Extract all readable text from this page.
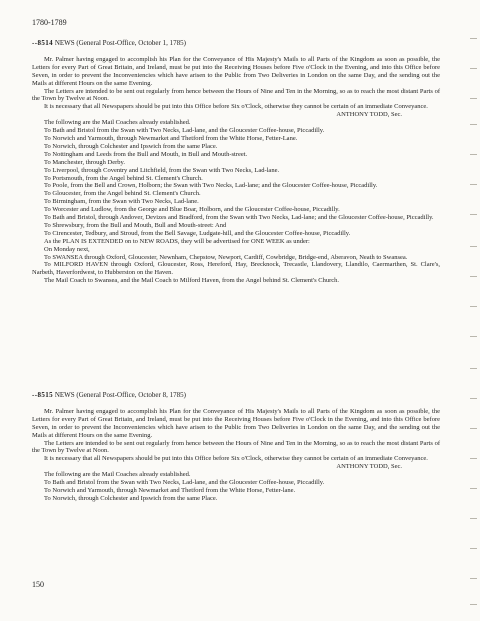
1780-1789
--8514 NEWS (General Post-Office, October 1, 1785)

Mr. Palmer having engaged to accomplish his Plan for the Conveyance of His Majesty's Mails to all Parts of the Kingdom as soon as possible, the Letters for every Part of Great Britain, and Ireland, must be put into the Receiving Houses before Five o'Clock in the Evening, and into this Office before Seven, in order to prevent the Inconveniencies which have arisen to the Public from Two Deliveries in London on the same Day, and the sending out the Mails at different Hours on the same Evening.

The Letters are intended to be sent out regularly from hence between the Hours of Nine and Ten in the Morning, so as to reach the most distant Parts of the Town by Twelve at Noon.

It is necessary that all Newspapers should be put into this Office before Six o'Clock, otherwise they cannot be certain of an immediate Conveyance.

ANTHONY TODD, Sec.

The following are the Mail Coaches already established.

To Bath and Bristol from the Swan with Two Necks, Lad-lane, and the Gloucester Coffee-house, Piccadilly.

To Norwich and Yarmouth, through Newmarket and Thetford from the White Horse, Fetter-Lane.

To Norwich, through Colchester and Ipswich from the same Place.

To Nottingham and Leeds from the Bull and Mouth, in Bull and Mouth-street.

To Manchester, through Derby.

To Liverpool, through Coventry and Litchfield, from the Swan with Two Necks, Lad-lane.

To Portsmouth, from the Angel behind St. Clement's Church.

To Poole, from the Bell and Crown, Holborn; the Swan with Two Necks, Lad-lane; and the Gloucester Coffee-house, Piccadilly.

To Gloucester, from the Angel behind St. Clement's Church.

To Birmingham, from the Swan with Two Necks, Lad-lane.

To Worcester and Ludlow, from the George and Blue Boar, Holborn, and the Gloucester Coffee-house, Piccadilly.

To Bath and Bristol, through Andover, Devizes and Bradford, from the Swan with Two Necks, Lad-lane; and the Gloucester Coffee-house, Piccadilly.

To Shrewsbury, from the Bull and Mouth, Bull and Mouth-street: And

To Cirencester, Tedbury, and Stroud, from the Bell Savage, Ludgate-hill, and the Gloucester Coffee-house, Piccadilly.

As the PLAN IS EXTENDED on to NEW ROADS, they will be advertised for ONE WEEK as under:

On Monday next,

To SWANSEA through Oxford, Gloucester, Newnham, Chepstow, Newport, Cardiff, Cowbridge, Bridge-end, Aberavon, Neath to Swansea.

To MILFORD HAVEN through Oxford, Gloucester, Ross, Hereford, Hay, Brecknock, Trecastle, Llandovery, Llandilo, Caermarthen, St. Clare's, Narbeth, Haverfordwest, to Hubberston on the Haven.

The Mail Coach to Swansea, and the Mail Coach to Milford Haven, from the Angel behind St. Clement's Church.

--8515 NEWS (General Post-Office, October 8, 1785)

Mr. Palmer having engaged to accomplish his Plan for the Conveyance of His Majesty's Mails to all Parts of the Kingdom as soon as possible, the Letters for every Part of Great Britain, and Ireland, must be put into the Receiving Houses before Five o'Clock in the Evening, and into this Office before Seven, in order to prevent the Inconveniencies which have arisen to the Public from Two Deliveries in London on the same Day, and the sending out the Mails at different Hours on the same Evening.

The Letters are intended to be sent out regularly from hence between the Hours of Nine and Ten in the Morning, so as to reach the most distant Parts of the Town by Twelve at Noon.

It is necessary that all Newspapers should be put into this Office before Six o'Clock, otherwise they cannot be certain of an immediate Conveyance.

ANTHONY TODD, Sec.

The following are the Mail Coaches already established.

To Bath and Bristol from the Swan with Two Necks, Lad-lane, and the Gloucester Coffee-house, Piccadilly.

To Norwich and Yarmouth, through Newmarket and Thetford from the White Horse, Fetter-lane.

To Norwich, through Colchester and Ipswich from the same Place.

150
